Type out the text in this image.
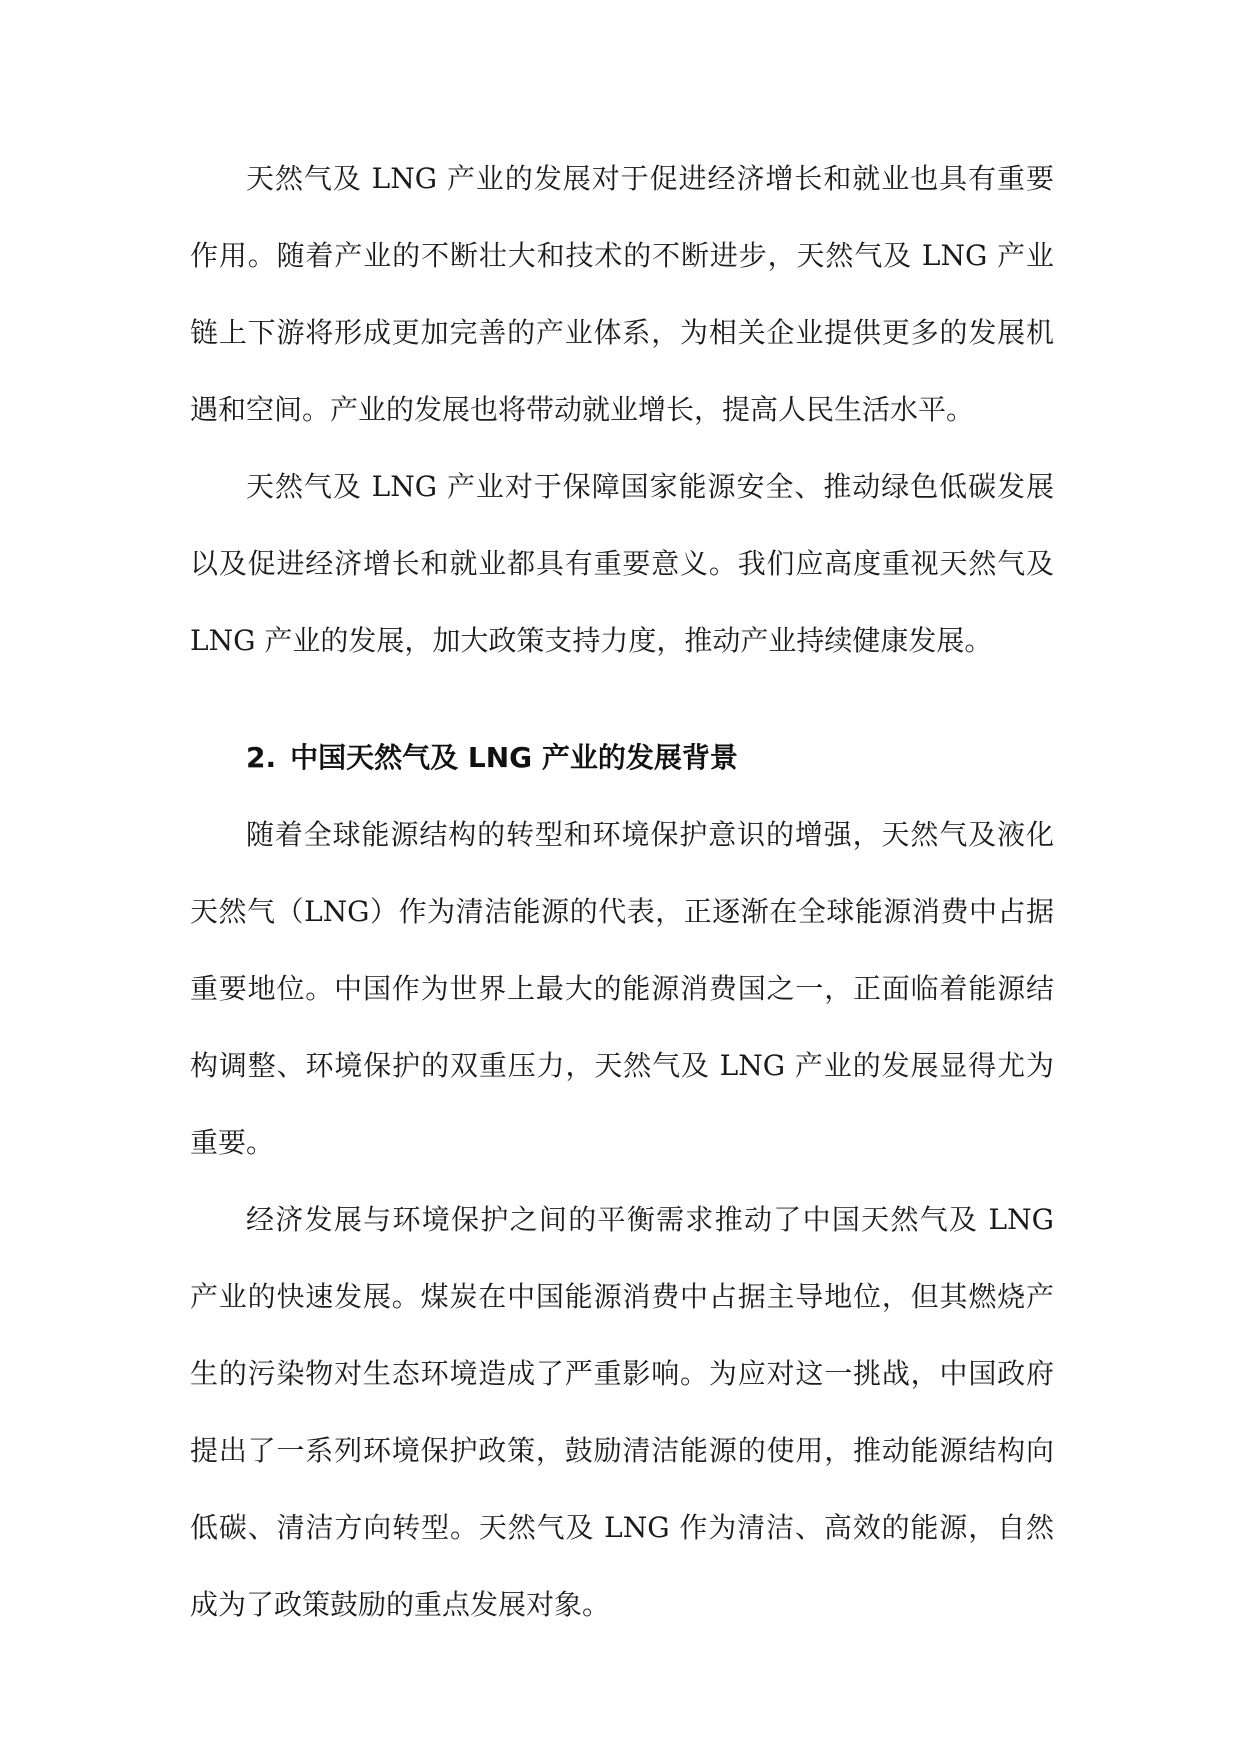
天然气及 LNG 产业的发展对于促进经济增长和就业也具有重要作用。随着产业的不断壮大和技术的不断进步，天然气及 LNG 产业链上下游将形成更加完善的产业体系，为相关企业提供更多的发展机遇和空间。产业的发展也将带动就业增长，提高人民生活水平。

天然气及 LNG 产业对于保障国家能源安全、推动绿色低碳发展以及促进经济增长和就业都具有重要意义。我们应高度重视天然气及 LNG 产业的发展，加大政策支持力度，推动产业持续健康发展。

2. 中国天然气及 LNG 产业的发展背景

随着全球能源结构的转型和环境保护意识的增强，天然气及液化天然气（LNG）作为清洁能源的代表，正逐渐在全球能源消费中占据重要地位。中国作为世界上最大的能源消费国之一，正面临着能源结构调整、环境保护的双重压力，天然气及 LNG 产业的发展显得尤为重要。

经济发展与环境保护之间的平衡需求推动了中国天然气及 LNG 产业的快速发展。煤炭在中国能源消费中占据主导地位，但其燃烧产生的污染物对生态环境造成了严重影响。为应对这一挑战，中国政府提出了一系列环境保护政策，鼓励清洁能源的使用，推动能源结构向低碳、清洁方向转型。天然气及 LNG 作为清洁、高效的能源，自然成为了政策鼓励的重点发展对象。
